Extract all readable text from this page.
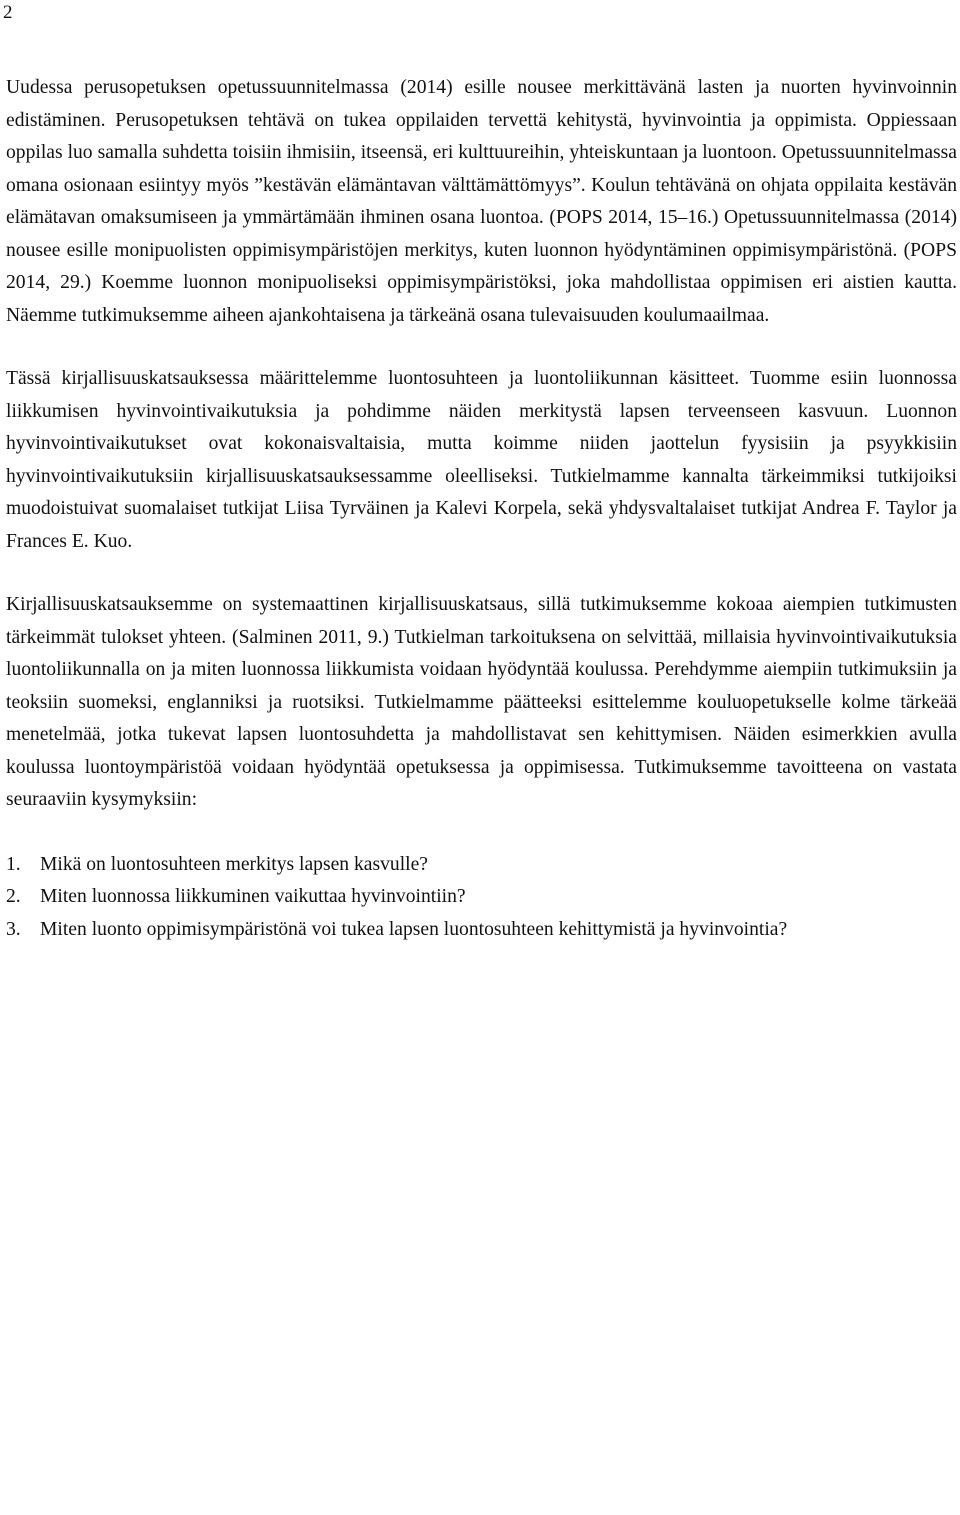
2

Uudessa perusopetuksen opetussuunnitelmassa (2014) esille nousee merkittävänä lasten ja nuorten hyvinvoinnin edistäminen. Perusopetuksen tehtävä on tukea oppilaiden tervettä kehitystä, hyvinvointia ja oppimista. Oppiessaan oppilas luo samalla suhdetta toisiin ihmisiin, itseensä, eri kulttuureihin, yhteiskuntaan ja luontoon. Opetussuunnitelmassa omana osionaan esiintyy myös ”kestävän elämäntavan välttämättömyys”. Koulun tehtävänä on ohjata oppilaita kestävän elämätavan omaksumiseen ja ymmärtämään ihminen osana luontoa. (POPS 2014, 15–16.) Opetussuunnitelmassa (2014) nousee esille monipuolisten oppimisympäristöjen merkitys, kuten luonnon hyödyntäminen oppimisympäristönä. (POPS 2014, 29.) Koemme luonnon monipuoliseksi oppimisympäristöksi, joka mahdollistaa oppimisen eri aistien kautta. Näemme tutkimuksemme aiheen ajankohtaisena ja tärkeänä osana tulevaisuuden koulumaailmaa.

Tässä kirjallisuuskatsauksessa määrittelemme luontosuhteen ja luontoliikunnan käsitteet. Tuomme esiin luonnossa liikkumisen hyvinvointivaikutuksia ja pohdimme näiden merkitystä lapsen terveenseen kasvuun. Luonnon hyvinvointivaikutukset ovat kokonaisvaltaisia, mutta koimme niiden jaottelun fyysisiin ja psyykkisiin hyvinvointivaikutuksiin kirjallisuuskatsauksessamme oleelliseksi. Tutkielmamme kannalta tärkeimmiksi tutkijoiksi muodoistuivat suomalaiset tutkijat Liisa Tyrväinen ja Kalevi Korpela, sekä yhdysvaltalaiset tutkijat Andrea F. Taylor ja Frances E. Kuo.

Kirjallisuuskatsauksemme on systemaattinen kirjallisuuskatsaus, sillä tutkimuksemme kokoaa aiempien tutkimusten tärkeimmät tulokset yhteen. (Salminen 2011, 9.) Tutkielman tarkoituksena on selvittää, millaisia hyvinvointivaikutuksia luontoliikunnalla on ja miten luonnossa liikkumista voidaan hyödyntää koulussa. Perehdymme aiempiin tutkimuksiin ja teoksiin suomeksi, englanniksi ja ruotsiksi. Tutkielmamme päätteeksi esittelemme kouluopetukselle kolme tärkeää menetelmää, jotka tukevat lapsen luontosuhdetta ja mahdollistavat sen kehittymisen. Näiden esimerkkien avulla koulussa luontoympäristöä voidaan hyödyntää opetuksessa ja oppimisessa. Tutkimuksemme tavoitteena on vastata seuraaviin kysymyksiin:

1. Mikä on luontosuhteen merkitys lapsen kasvulle?
2. Miten luonnossa liikkuminen vaikuttaa hyvinvointiin?
3. Miten luonto oppimisympäristönä voi tukea lapsen luontosuhteen kehittymistä ja hyvinvointia?
